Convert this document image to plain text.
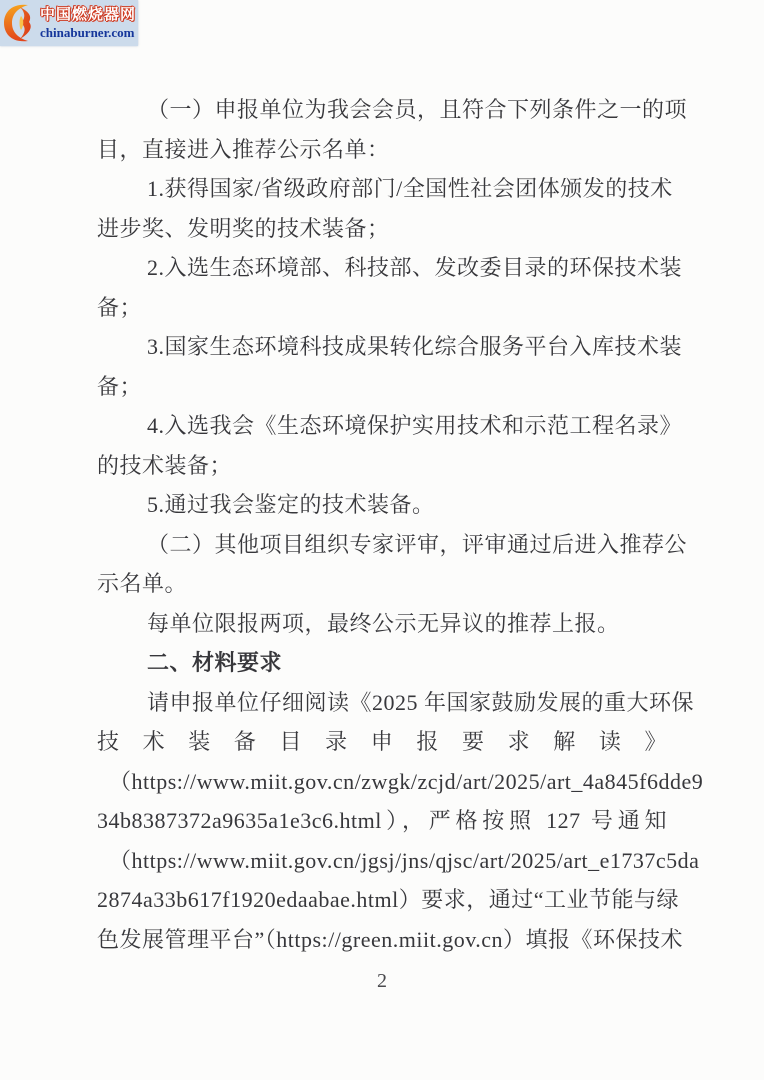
中国燃烧器网
chinaburner.com
（一）申报单位为我会会员，且符合下列条件之一的项
目，直接进入推荐公示名单：
1.获得国家/省级政府部门/全国性社会团体颁发的技术
进步奖、发明奖的技术装备；
2.入选生态环境部、科技部、发改委目录的环保技术装
备；
3.国家生态环境科技成果转化综合服务平台入库技术装
备；
4.入选我会《生态环境保护实用技术和示范工程名录》
的技术装备；
5.通过我会鉴定的技术装备。
（二）其他项目组织专家评审，评审通过后进入推荐公
示名单。
每单位限报两项，最终公示无异议的推荐上报。
二、材料要求
请申报单位仔细阅读《2025 年国家鼓励发展的重大环保
技术装备目录申报要求解读》
（https://www.miit.gov.cn/zwgk/zcjd/art/2025/art_4a845f6dde9
34b8387372a9635a1e3c6.html），严格按照 127 号通知
（https://www.miit.gov.cn/jgsj/jns/qjsc/art/2025/art_e1737c5da
2874a33b617f1920edaabae.html）要求，通过“工业节能与绿
色发展管理平台”（https://green.miit.gov.cn）填报《环保技术
2
